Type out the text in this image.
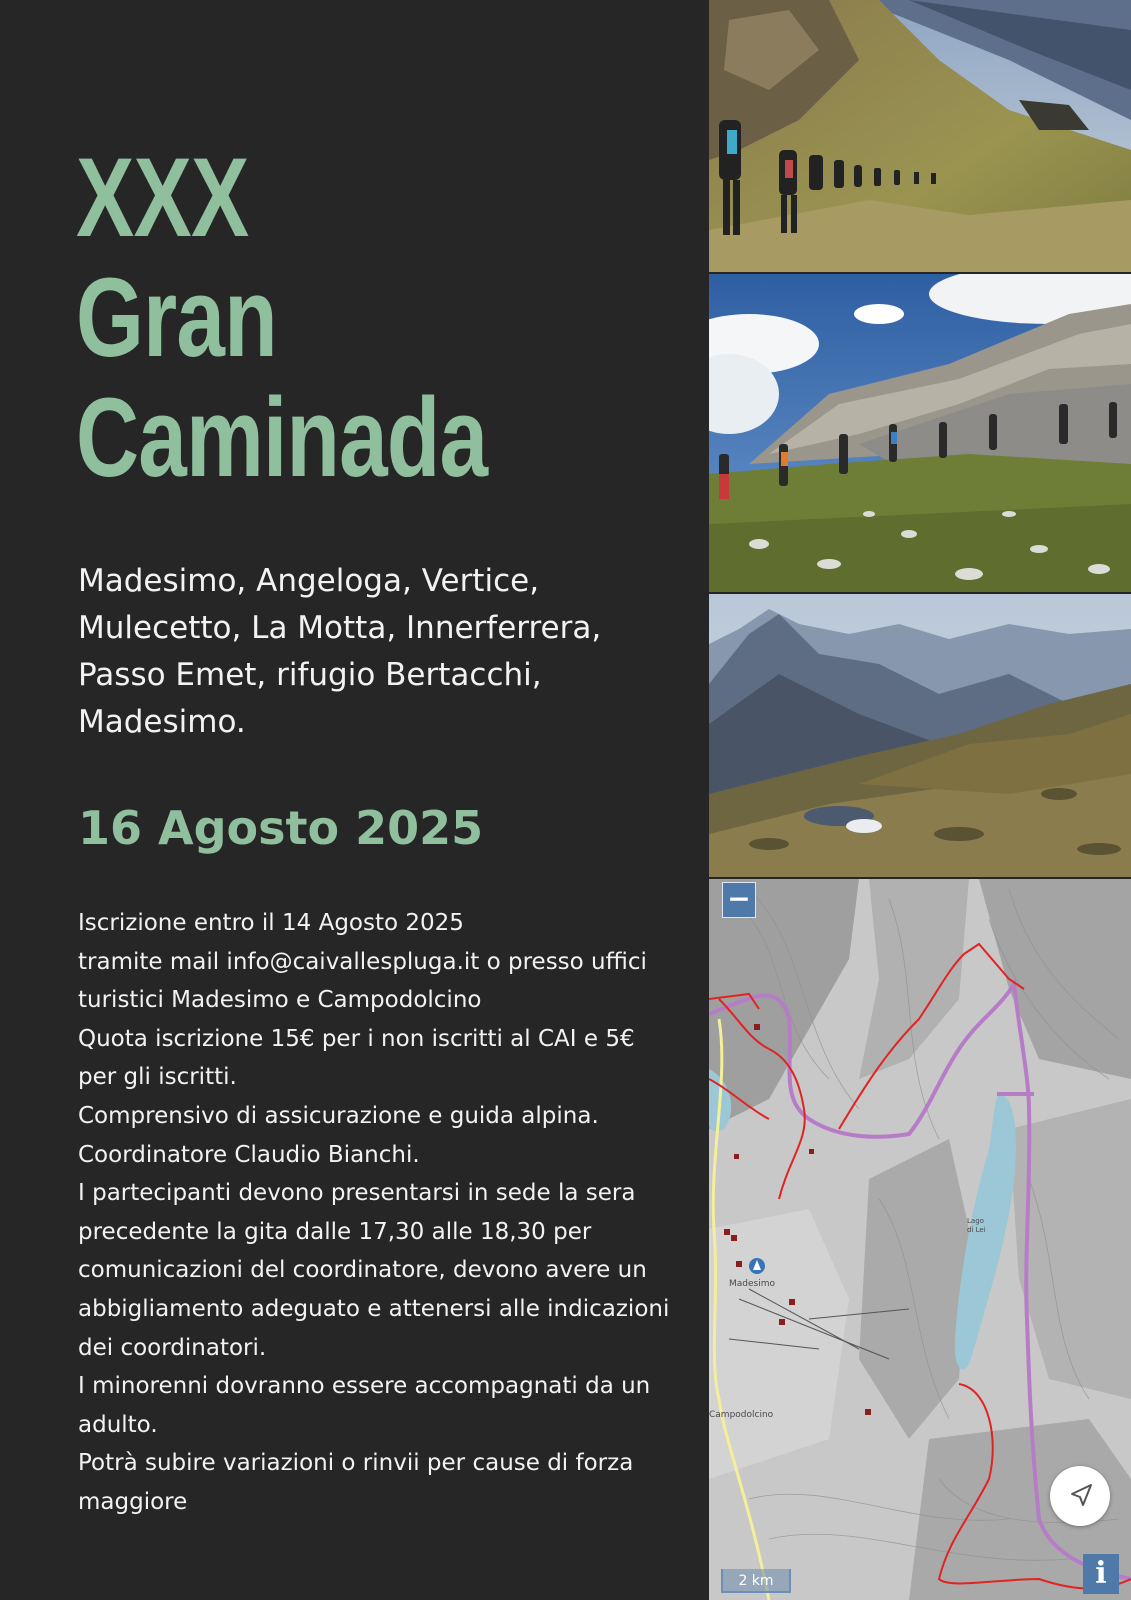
XXX
Gran
Caminada

Madesimo, Angeloga, Vertice, Mulecetto, La Motta, Innerferrera, Passo Emet, rifugio Bertacchi, Madesimo.

16 Agosto 2025
Iscrizione entro il 14 Agosto 2025
tramite mail info@caivallespluga.it o presso uffici turistici Madesimo e Campodolcino
Quota iscrizione 15€ per i non iscritti al CAI e 5€ per gli iscritti.
Comprensivo di assicurazione e guida alpina.
Coordinatore Claudio Bianchi.
I partecipanti devono presentarsi in sede la sera precedente la gita dalle 17,30 alle 18,30 per comunicazioni del coordinatore, devono avere un abbigliamento adeguato e attenersi alle indicazioni dei coordinatori.
I minorenni dovranno essere accompagnati da un adulto.
Potrà subire variazioni o rinvii per cause di forza maggiore
−
Madesimo
Campodolcino
Lago di Lei
2 km	i
